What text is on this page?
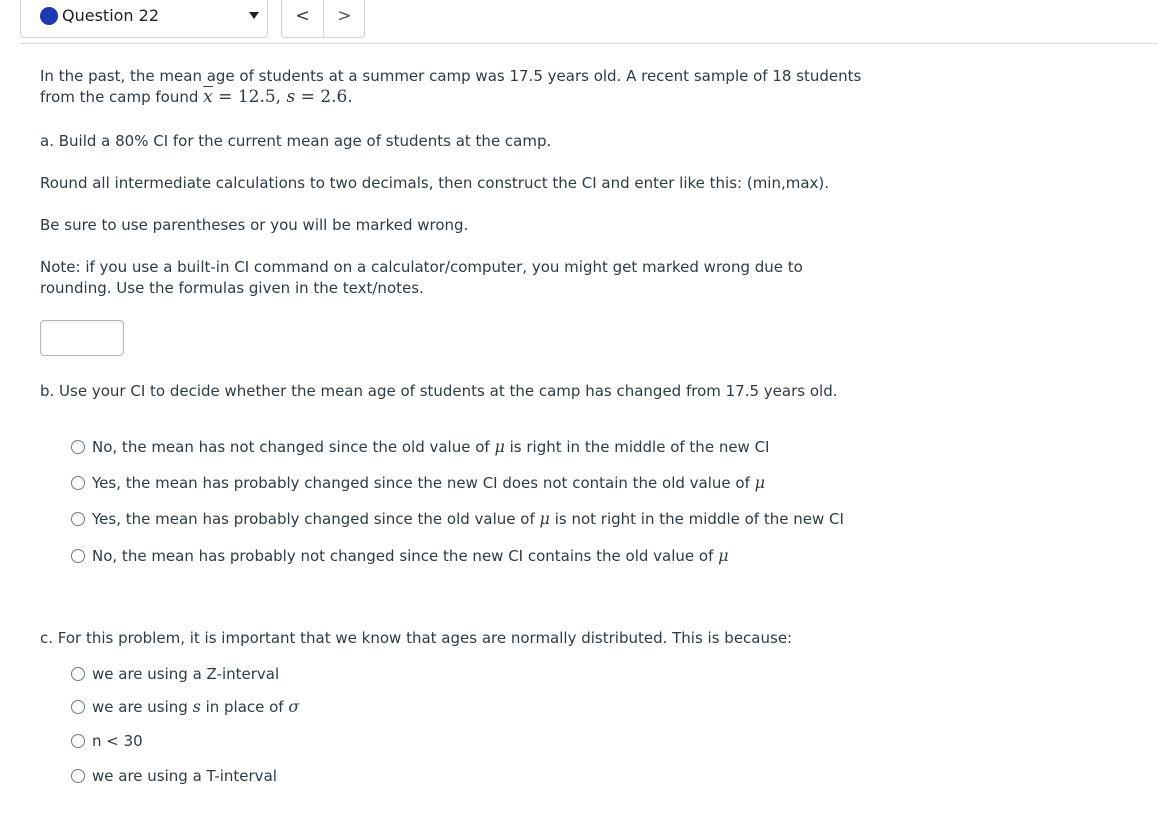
Question 22	<	>

In the past, the mean age of students at a summer camp was 17.5 years old. A recent sample of 18 students
from the camp found $\overline{x} = 12.5$, s = 2.6.

a. Build a 80% CI for the current mean age of students at the camp.

Round all intermediate calculations to two decimals, then construct the CI and enter like this: (min,max).

Be sure to use parentheses or you will be marked wrong.

Note: if you use a built-in CI command on a calculator/computer, you might get marked wrong due to
rounding. Use the formulas given in the text/notes.

b. Use your CI to decide whether the mean age of students at the camp has changed from 17.5 years old.

No, the mean has not changed since the old value of μ is right in the middle of the new CI
Yes, the mean has probably changed since the new CI does not contain the old value of μ
Yes, the mean has probably changed since the old value of μ is not right in the middle of the new CI
No, the mean has probably not changed since the new CI contains the old value of μ

c. For this problem, it is important that we know that ages are normally distributed. This is because:

we are using a Z-interval
we are using s in place of σ
n < 30
we are using a T-interval
